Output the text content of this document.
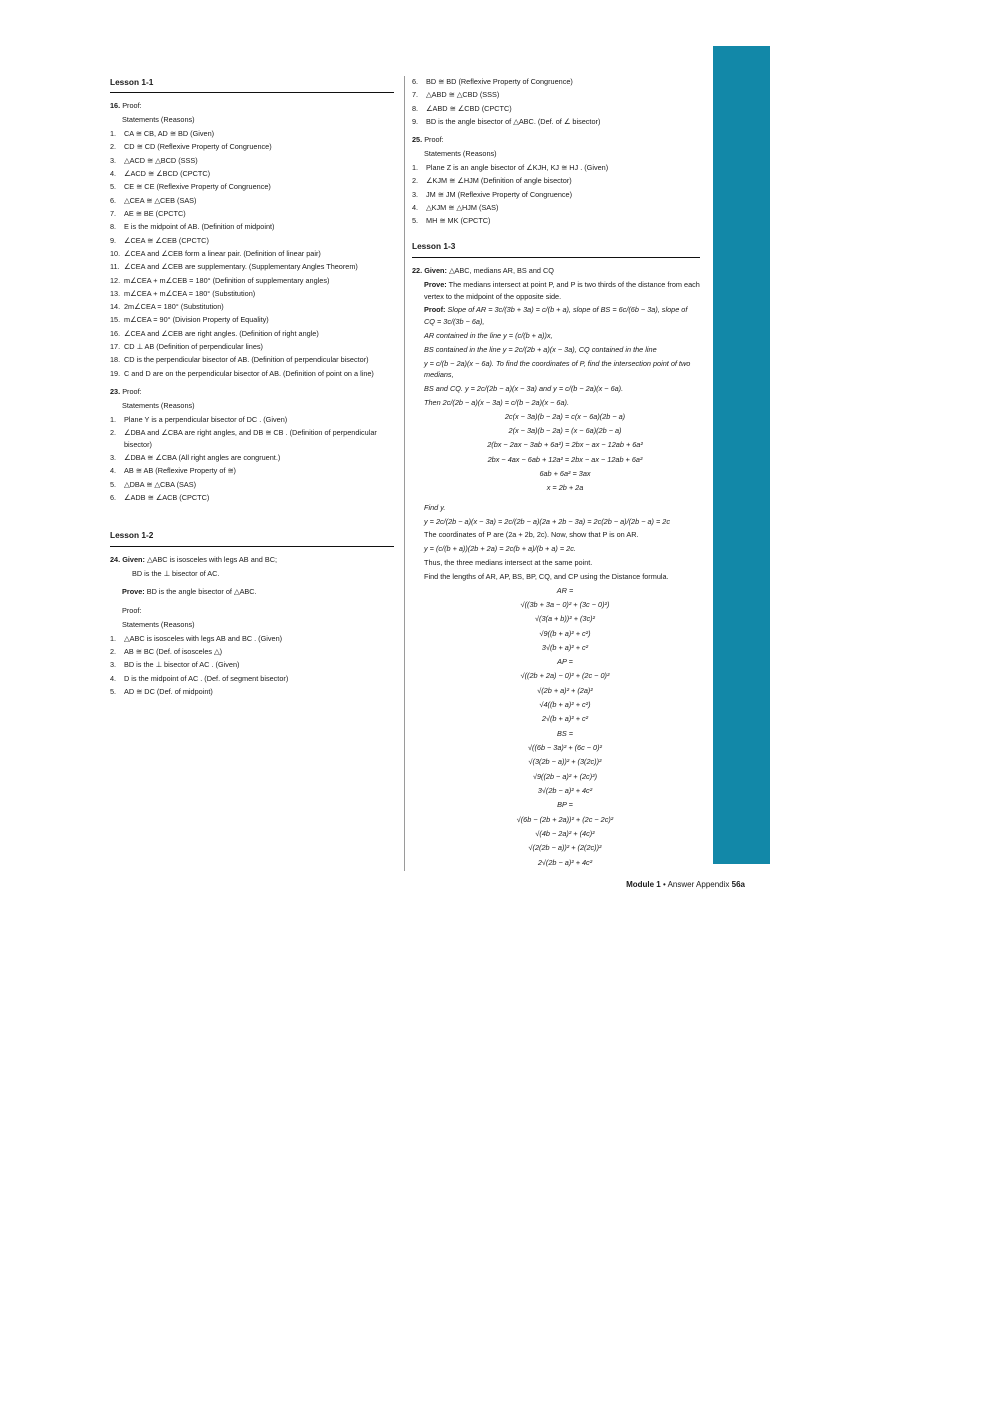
MODULE 1 ANSWER APPENDIX
Lesson 1-1
16. Proof:
Statements (Reasons)
1. CA ≅ CB, AD ≅ BD (Given)
2. CD ≅ CD (Reflexive Property of Congruence)
3. △ACD ≅ △BCD (SSS)
4. ∠ACD ≅ ∠BCD (CPCTC)
5. CE ≅ CE (Reflexive Property of Congruence)
6. △CEA ≅ △CEB (SAS)
7. AE ≅ BE (CPCTC)
8. E is the midpoint of AB. (Definition of midpoint)
9. ∠CEA ≅ ∠CEB (CPCTC)
10. ∠CEA and ∠CEB form a linear pair. (Definition of linear pair)
11. ∠CEA and ∠CEB are supplementary. (Supplementary Angles Theorem)
12. m∠CEA + m∠CEB = 180° (Definition of supplementary angles)
13. m∠CEA + m∠CEA = 180° (Substitution)
14. 2m∠CEA = 180° (Substitution)
15. m∠CEA = 90° (Division Property of Equality)
16. ∠CEA and ∠CEB are right angles. (Definition of right angle)
17. CD ⊥ AB (Definition of perpendicular lines)
18. CD is the perpendicular bisector of AB. (Definition of perpendicular bisector)
19. C and D are on the perpendicular bisector of AB. (Definition of point on a line)
23. Proof:
Statements (Reasons)
1. Plane Y is a perpendicular bisector of DC . (Given)
2. ∠DBA and ∠CBA are right angles, and DB ≅ CB . (Definition of perpendicular bisector)
3. ∠DBA ≅ ∠CBA (All right angles are congruent.)
4. AB ≅ AB (Reflexive Property of ≅)
5. △DBA ≅ △CBA (SAS)
6. ∠ADB ≅ ∠ACB (CPCTC)
Lesson 1-2
24. Given: △ABC is isosceles with legs AB and BC;
BD is the ⊥ bisector of AC.
Prove: BD is the angle bisector of △ABC.
Proof:
Statements (Reasons)
1. △ABC is isosceles with legs AB and BC . (Given)
2. AB ≅ BC (Def. of isosceles △)
3. BD is the ⊥ bisector of AC . (Given)
4. D is the midpoint of AC . (Def. of segment bisector)
5. AD ≅ DC (Def. of midpoint)
6. BD ≅ BD (Reflexive Property of Congruence)
7. △ABD ≅ △CBD (SSS)
8. ∠ABD ≅ ∠CBD (CPCTC)
9. BD is the angle bisector of △ABC. (Def. of ∠ bisector)
25. Proof:
Statements (Reasons)
1. Plane Z is an angle bisector of ∠KJH, KJ ≅ HJ . (Given)
2. ∠KJM ≅ ∠HJM (Definition of angle bisector)
3. JM ≅ JM (Reflexive Property of Congruence)
4. △KJM ≅ △HJM (SAS)
5. MH ≅ MK (CPCTC)
Lesson 1-3
22. Given: △ABC, medians AR, BS and CQ
Prove: The medians intersect at point P, and P is two thirds of the distance from each vertex to the midpoint of the opposite side.
Proof: Slope of AR = 3c/(3b + 3a) = c/(b + a), slope of BS = 6c/(6b − 3a), slope of CQ = 3c/(3b − 6a),
AR contained in the line y = (c/(b + a))x,
BS contained in the line y = 2c/(2b + a)(x − 3a), CQ contained in the line
y = c/(b − 2a)(x − 6a). To find the coordinates of P, find the intersection point of two medians,
BS and CQ. y = 2c/(2b − a)(x − 3a) and y = c/(b − 2a)(x − 6a).
Then 2c/(2b − a)(x − 3a) = c/(b − 2a)(x − 6a).
2c(x − 3a)(b − 2a) = c(x − 6a)(2b − a)
2(x − 3a)(b − 2a) = (x − 6a)(2b − a)
2(bx − 2ax − 3ab + 6a²) = 2bx − ax − 12ab + 6a²
2bx − 4ax − 6ab + 12a² = 2bx − ax − 12ab + 6a²
6ab + 6a² = 3ax
x = 2b + 2a
Find y.
y = 2c/(2b − a)(x − 3a) = 2c/(2b − a)(2a + 2b − 3a) = 2c(2b − a)/(2b − a) = 2c
The coordinates of P are (2a + 2b, 2c). Now, show that P is on AR.
y = (c/(b + a))(2b + 2a) = 2c(b + a)/(b + a) = 2c.
Thus, the three medians intersect at the same point.
Find the lengths of AR, AP, BS, BP, CQ, and CP using the Distance formula.
AR =
√((3b + 3a − 0)² + (3c − 0)²)
√(3(a + b))² + (3c)²
√9((b + a)² + c²)
3√(b + a)² + c²
AP =
√((2b + 2a) − 0)² + (2c − 0)²
√(2b + a)² + (2a)²
√4((b + a)² + c²)
2√(b + a)² + c²
BS =
√((6b − 3a)² + (6c − 0)²
√(3(2b − a))² + (3(2c))²
√9((2b − a)² + (2c)²)
3√(2b − a)² + 4c²
BP =
√(6b − (2b + 2a))² + (2c − 2c)²
√(4b − 2a)² + (4c)²
√(2(2b − a))² + (2(2c))²
2√(2b − a)² + 4c²
Module 1 • Answer Appendix 56a
